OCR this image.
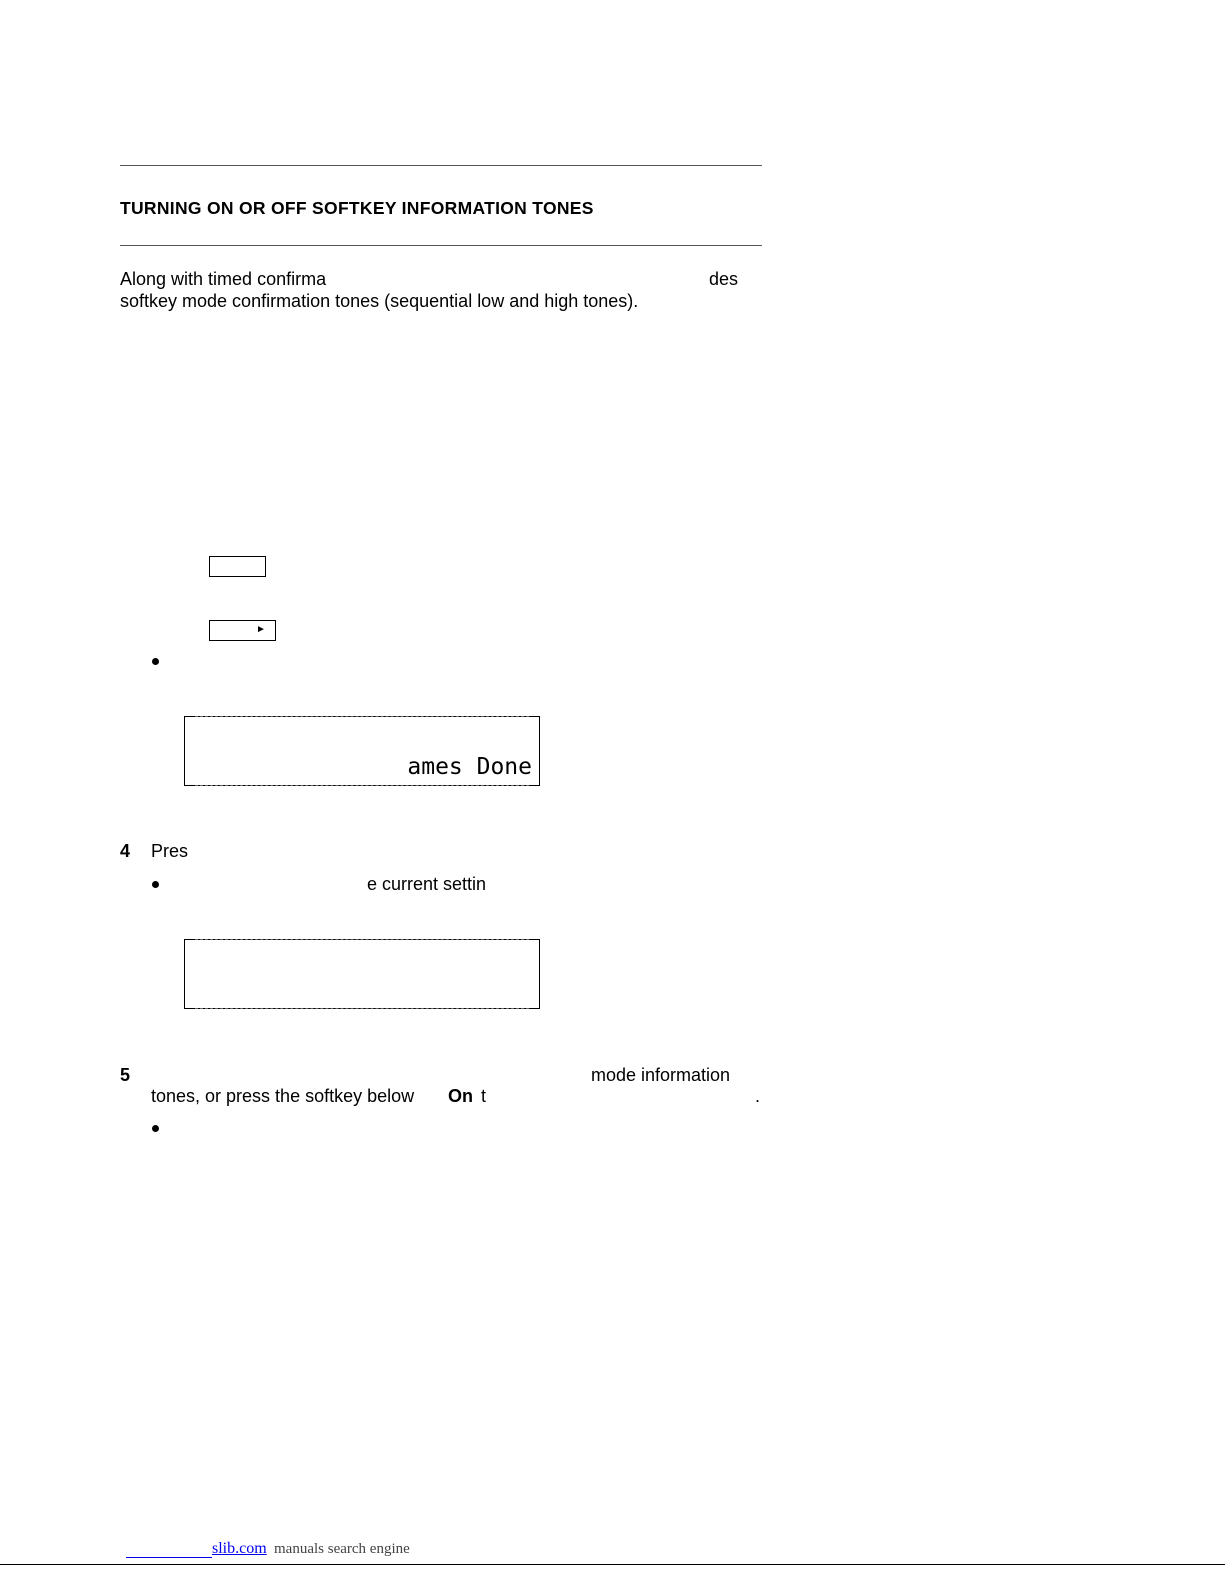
TURNING ON OR OFF SOFTKEY INFORMATION TONES
Along with timed confirma	des
softkey mode confirmation tones (sequential low and high tones).
►
ames Done
4 Pres
e current settin
5	mode information
tones, or press the softkey below On t	.
slib.com manuals search engine
